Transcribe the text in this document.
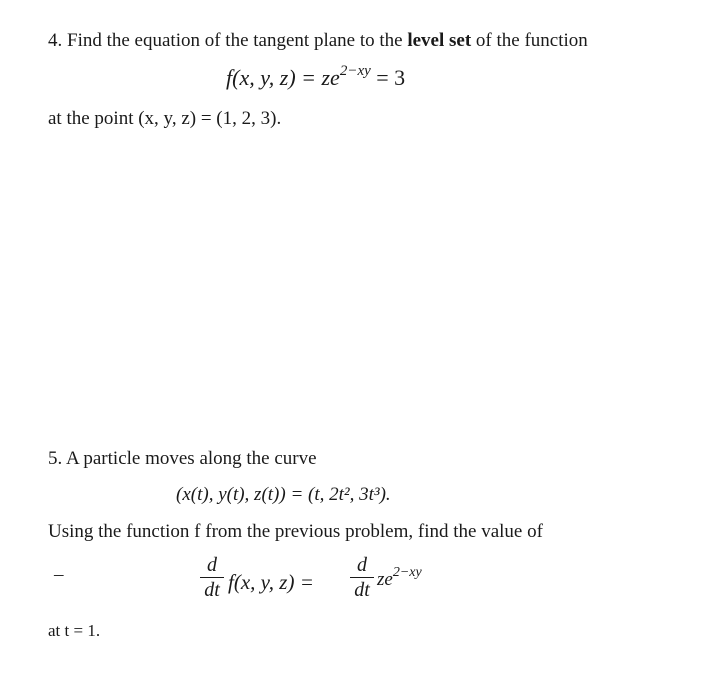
4. Find the equation of the tangent plane to the level set of the function
f(x, y, $z) = ze^{2-xy} = 3$
at the point (x, y, z) = (1, 2, 3).
5. A particle moves along the curve
(x(t), y(t), z(t)) = (t, 2t², 3t³).
Using the function f from the previous problem, find the value of
–	d
dt f(x, y, z) =
d
dt $ze^{2-xy}$
at t = 1.
